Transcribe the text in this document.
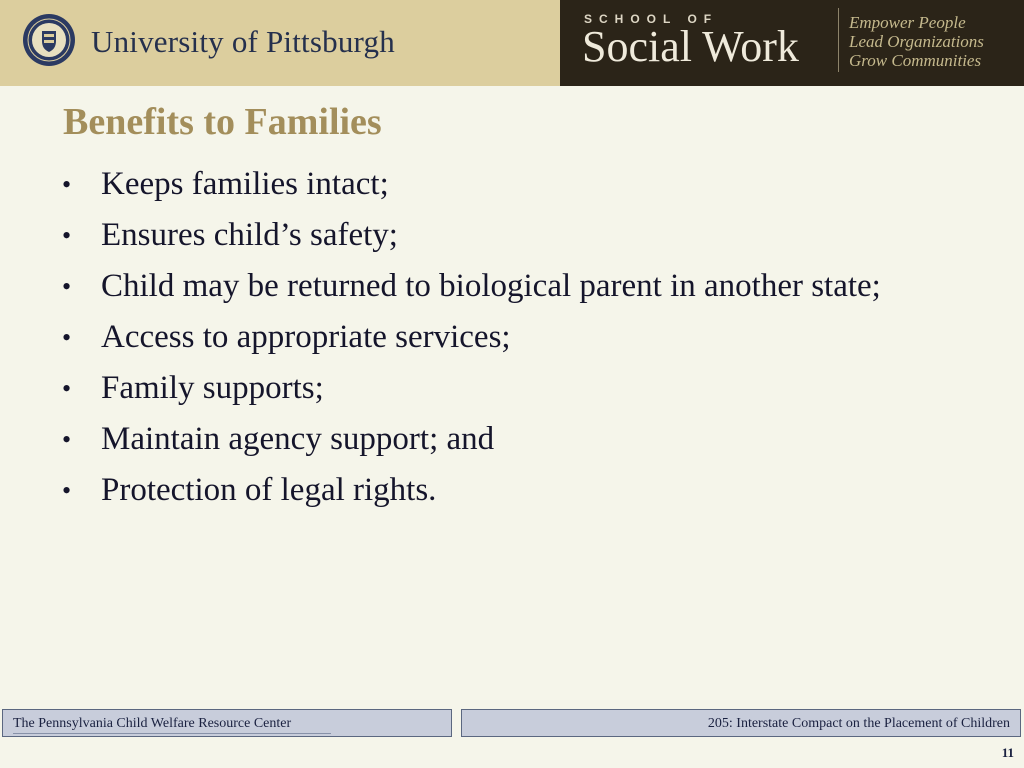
University of Pittsburgh
SCHOOL OF
Social Work	Empower People
Lead Organizations
Grow Communities
Benefits to Families
• Keeps families intact;
• Ensures child’s safety;
• Child may be returned to biological parent in another state;
• Access to appropriate services;
• Family supports;
• Maintain agency support; and
• Protection of legal rights.
The Pennsylvania Child Welfare Resource Center	205: Interstate Compact on the Placement of Children
11
